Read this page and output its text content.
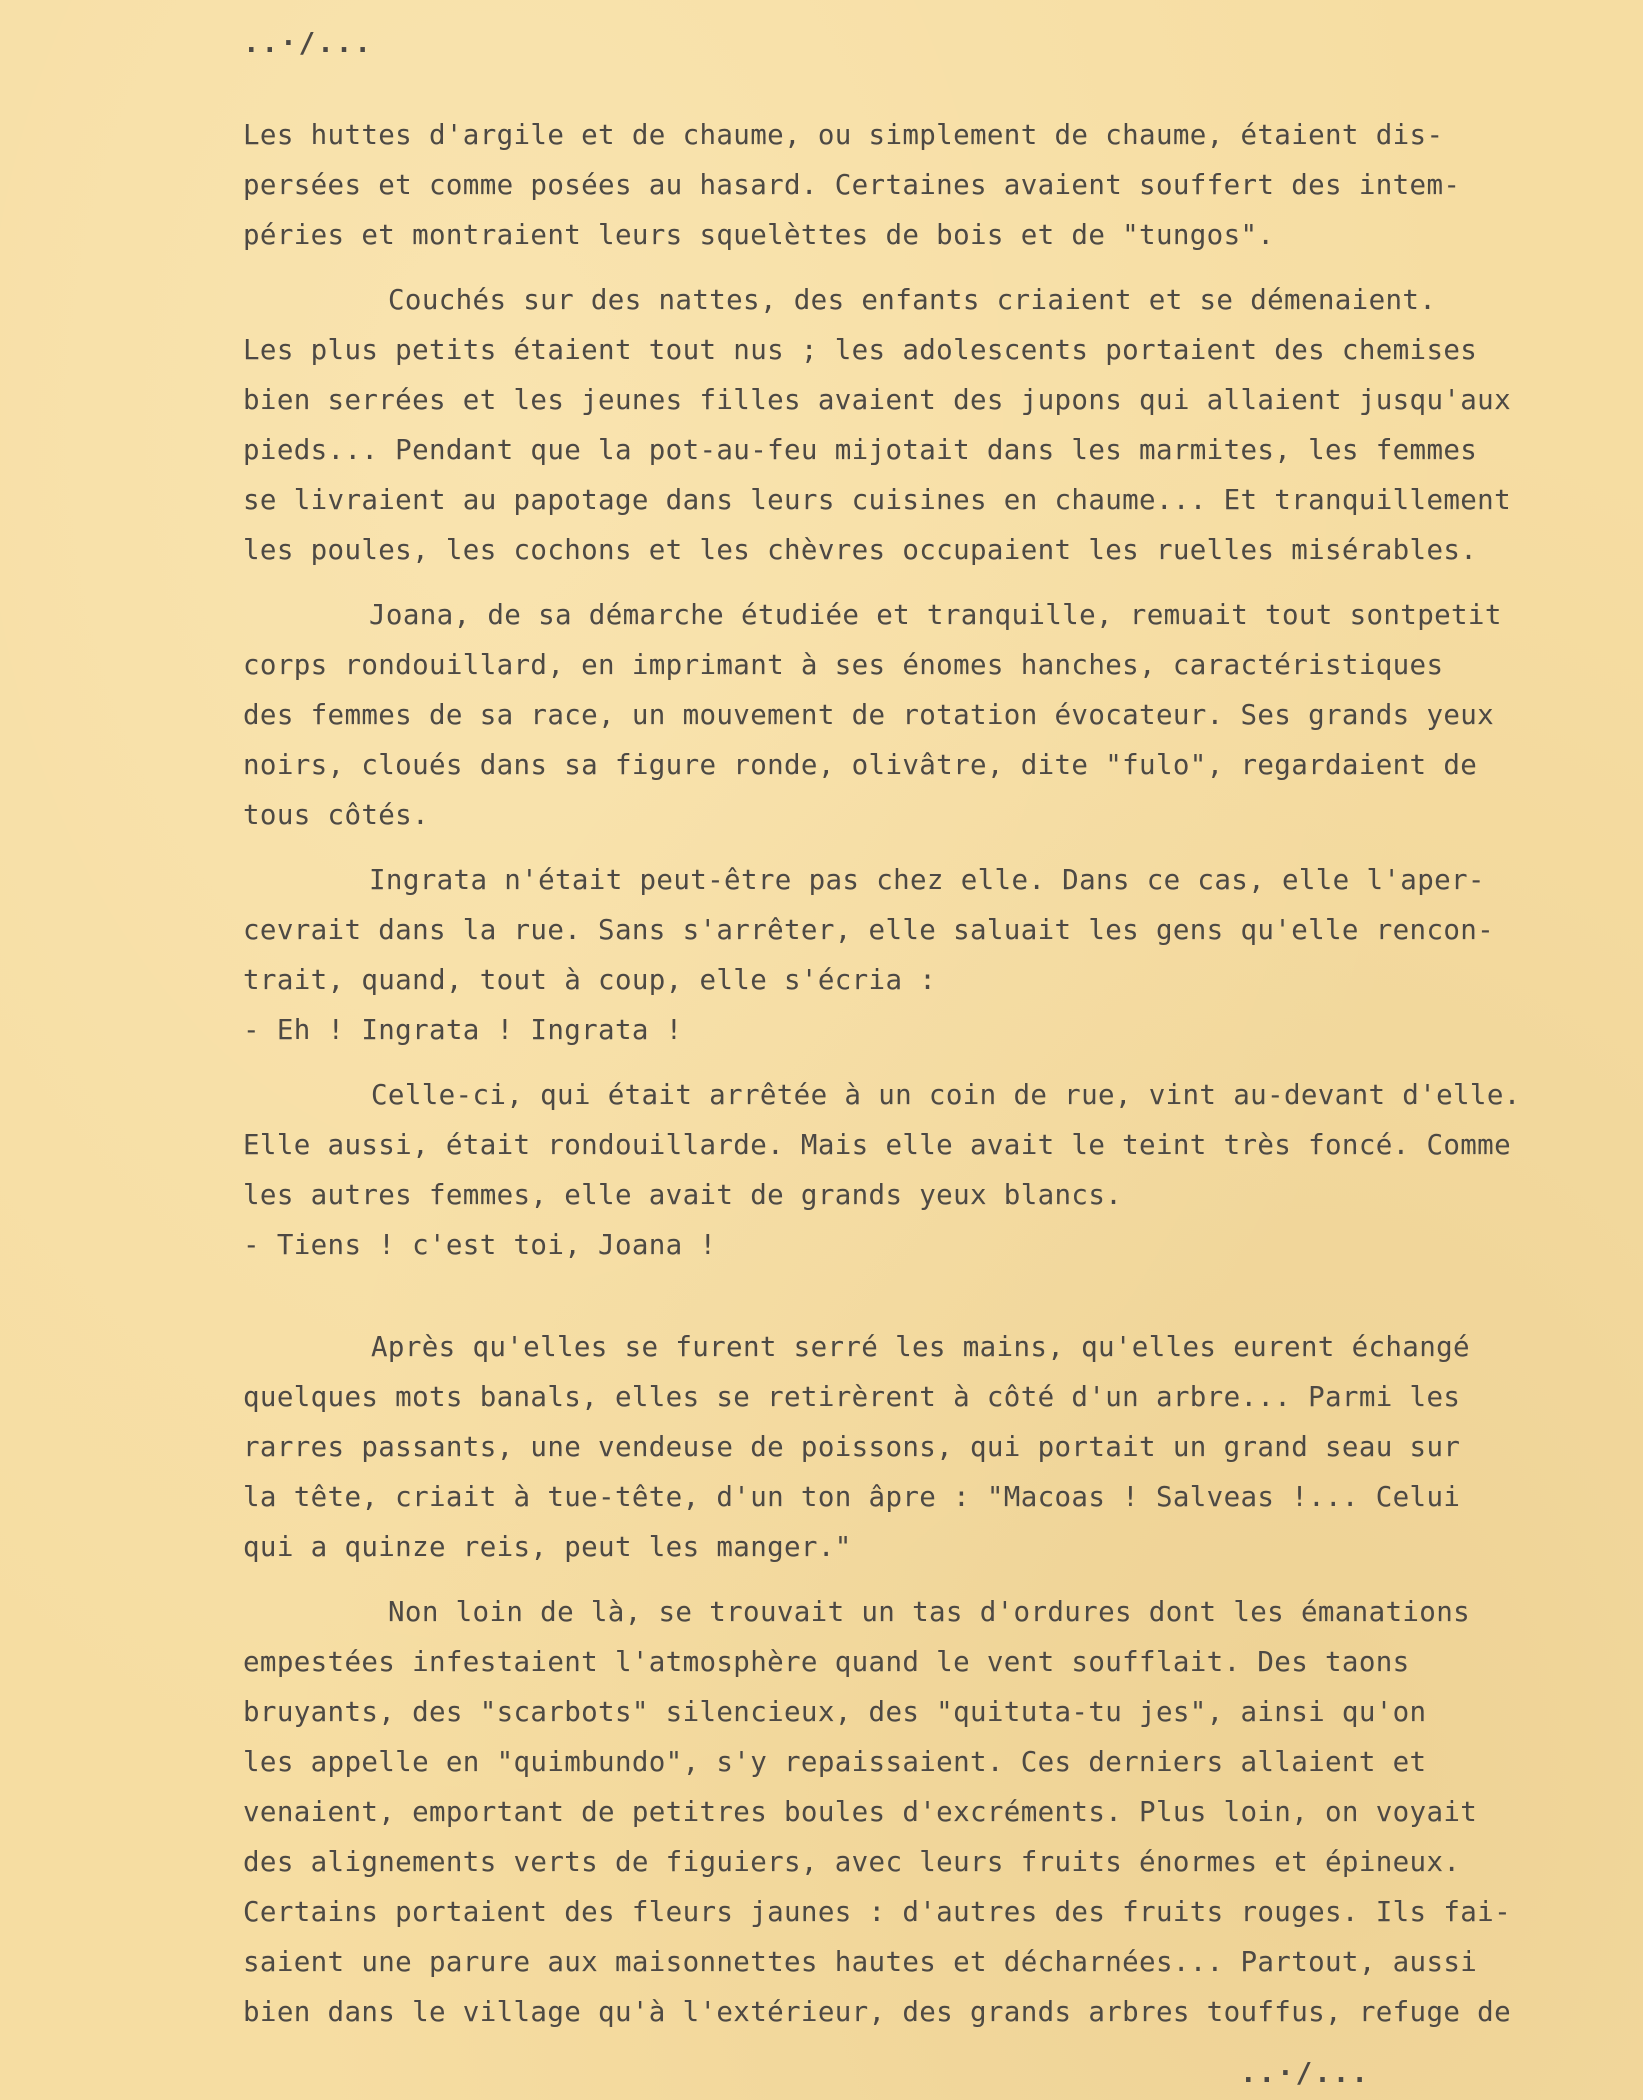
..·/...

Les huttes d'argile et de chaume, ou simplement de chaume, étaient dis-
persées et comme posées au hasard. Certaines avaient souffert des intem-
péries et montraient leurs squelèttes de bois et de "tungos".

Couchés sur des nattes, des enfants criaient et se démenaient.
Les plus petits étaient tout nus ; les adolescents portaient des chemises
bien serrées et les jeunes filles avaient des jupons qui allaient jusqu'aux
pieds... Pendant que la pot-au-feu mijotait dans les marmites, les femmes
se livraient au papotage dans leurs cuisines en chaume... Et tranquillement
les poules, les cochons et les chèvres occupaient les ruelles misérables.

Joana, de sa démarche étudiée et tranquille, remuait tout sontpetit
corps rondouillard, en imprimant à ses énomes hanches, caractéristiques
des femmes de sa race, un mouvement de rotation évocateur. Ses grands yeux
noirs, cloués dans sa figure ronde, olivâtre, dite "fulo", regardaient de
tous côtés.

Ingrata n'était peut-être pas chez elle. Dans ce cas, elle l'aper-
cevrait dans la rue. Sans s'arrêter, elle saluait les gens qu'elle rencon-
trait, quand, tout à coup, elle s'écria :
- Eh ! Ingrata ! Ingrata !

Celle-ci, qui était arrêtée à un coin de rue, vint au-devant d'elle.
Elle aussi, était rondouillarde. Mais elle avait le teint très foncé. Comme
les autres femmes, elle avait de grands yeux blancs.
- Tiens ! c'est toi, Joana !

Après qu'elles se furent serré les mains, qu'elles eurent échangé
quelques mots banals, elles se retirèrent à côté d'un arbre... Parmi les
rarres passants, une vendeuse de poissons, qui portait un grand seau sur
la tête, criait à tue-tête, d'un ton âpre : "Macoas ! Salveas !... Celui
qui a quinze reis, peut les manger."

Non loin de là, se trouvait un tas d'ordures dont les émanations
empestées infestaient l'atmosphère quand le vent soufflait. Des taons
bruyants, des "scarbots" silencieux, des "quituta-tu jes", ainsi qu'on
les appelle en "quimbundo", s'y repaissaient. Ces derniers allaient et
venaient, emportant de petitres boules d'excréments. Plus loin, on voyait
des alignements verts de figuiers, avec leurs fruits énormes et épineux.
Certains portaient des fleurs jaunes : d'autres des fruits rouges. Ils fai-
saient une parure aux maisonnettes hautes et décharnées... Partout, aussi
bien dans le village qu'à l'extérieur, des grands arbres touffus, refuge de

..·/...
